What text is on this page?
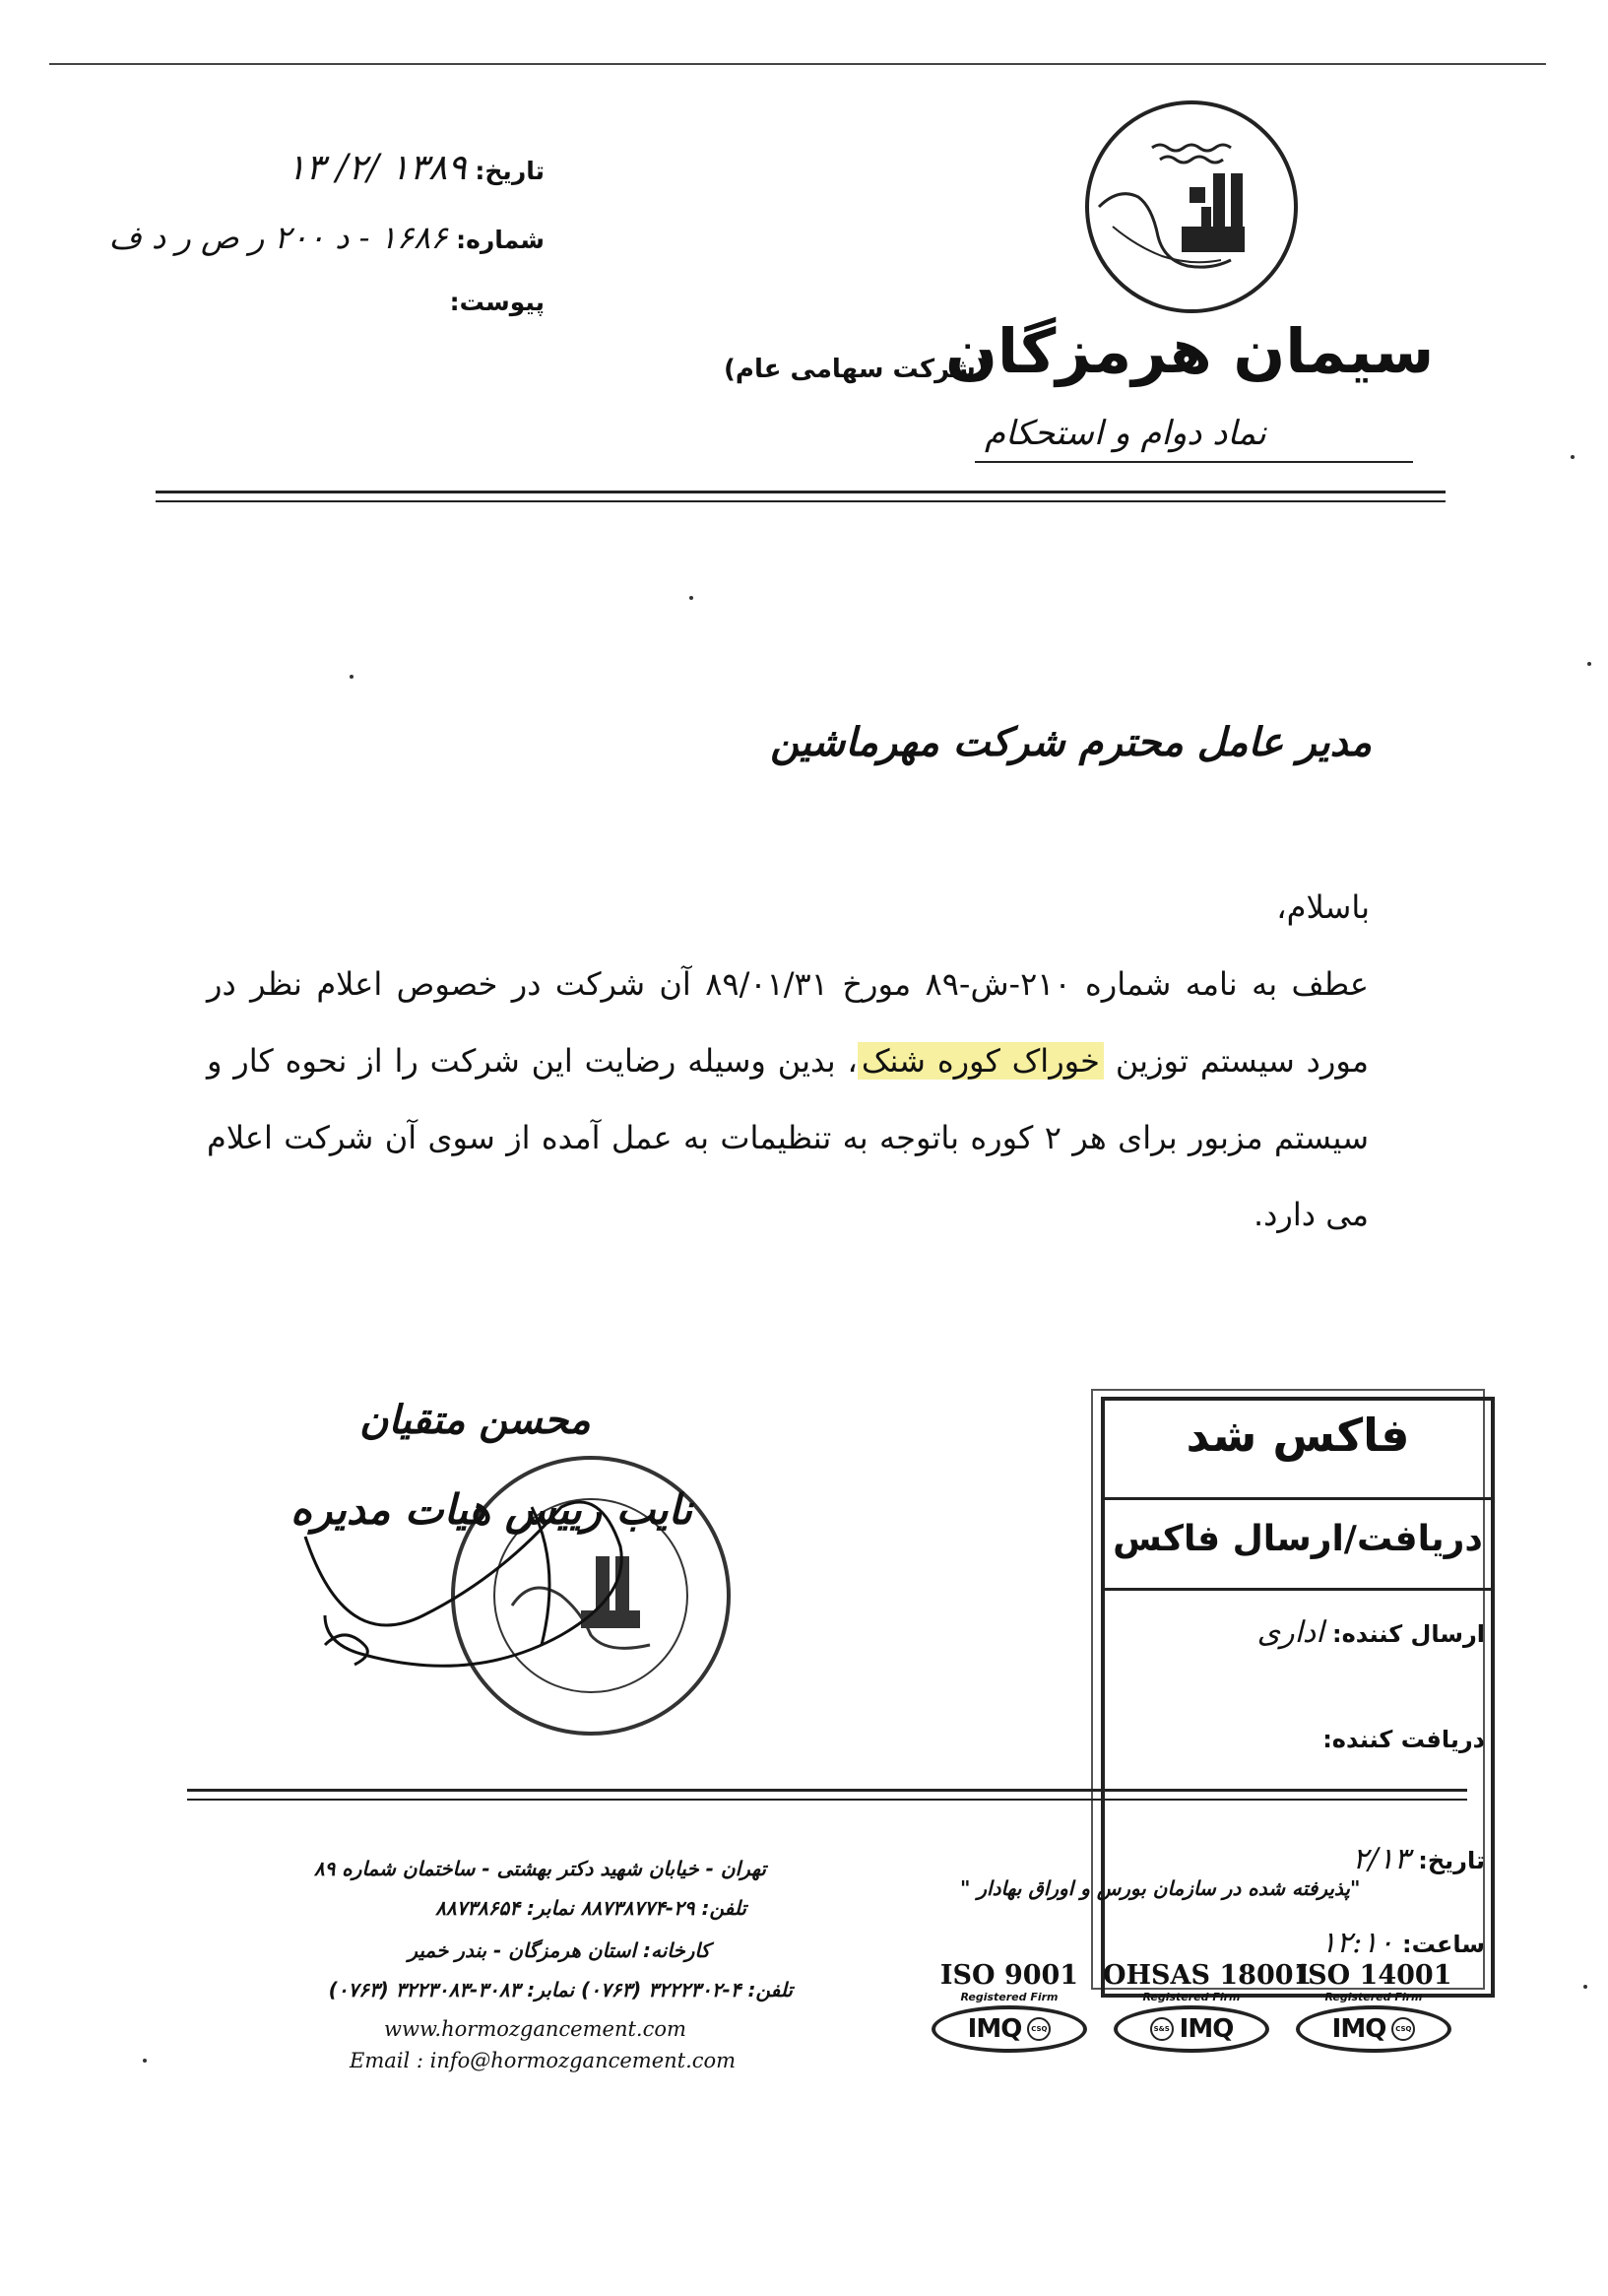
تاریخ: ۱۳۸۹ /۲/ ۱۳
شماره: ۱۶۸۶ - د ۲۰۰ ر ص ر د ف
پیوست:
سیمان هرمزگان
(شرکت سهامی عام)
نماد دوام و استحکام
مدیر عامل محترم شرکت مهرماشین
باسلام،
عطف به نامه شماره ۲۱۰-ش-۸۹ مورخ ۸۹/۰۱/۳۱ آن شرکت در خصوص اعلام نظر در مورد سیستم توزین خوراک کوره شنک، بدین وسیله رضایت این شرکت را از نحوه کار و سیستم مزبور برای هر ۲ کوره باتوجه به تنظیمات به عمل آمده از سوی آن شرکت اعلام می دارد.
محسن متقیان
نایب رییس هیات مدیره
فاکس شد
دریافت/ارسال فاکس
ارسال کننده: اداری
دریافت کننده:
تاریخ: ۲/۱۳
ساعت: ۱۲:۱۰
تهران - خیابان شهید دکتر بهشتی - ساختمان شماره ۸۹
تلفن: ۲۹-۸۸۷۳۸۷۷۴ نمابر: ۸۸۷۳۸۶۵۴
کارخانه: استان هرمزگان - بندر خمیر
تلفن: ۴-۳۲۲۲۳۰۲ (۰۷۶۳) نمابر: ۳۰۸۳-۳۲۲۳۰۸۳ (۰۷۶۳)
www.hormozgancement.com
Email : info@hormozgancement.com
"پذیرفته شده در سازمان بورس و اوراق بهادار "
ISO 9001
Registered Firm
IMQ	CSQ
OHSAS 18001
Registered Firm
S&S IMQ
ISO 14001
Registered Firm
IMQ	CSQ
